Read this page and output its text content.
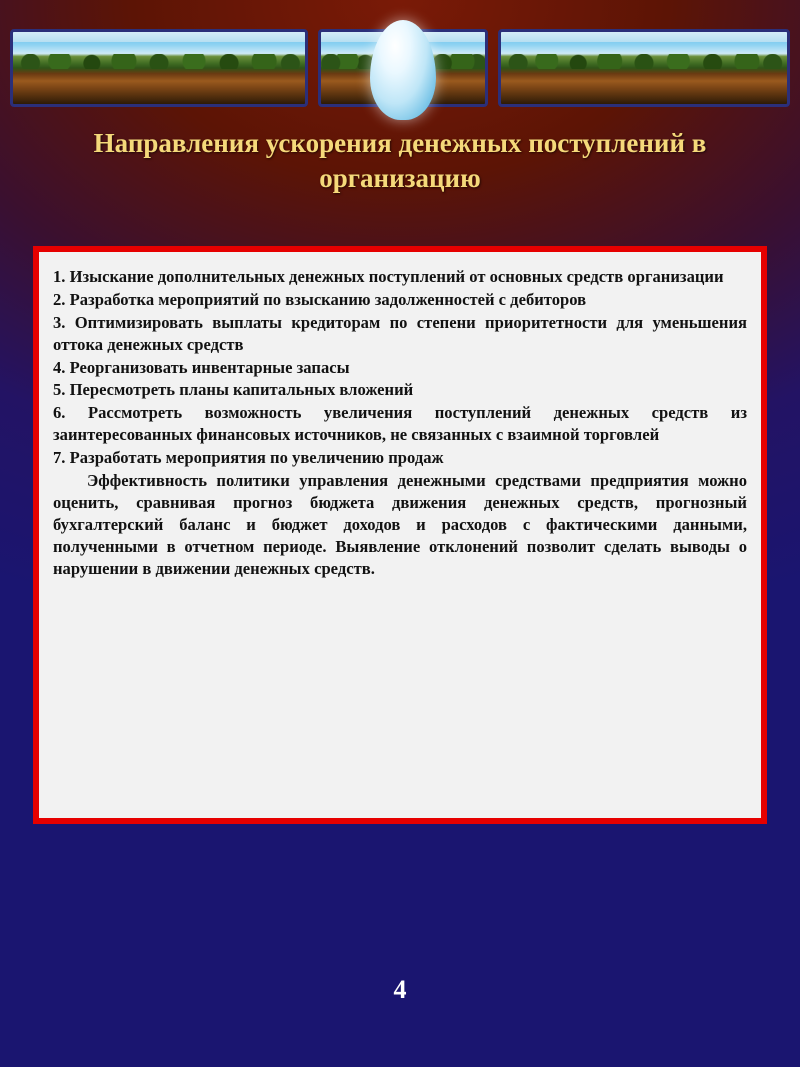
Направления ускорения денежных поступлений в организацию

1. Изыскание дополнительных денежных поступлений от основных средств организации

2. Разработка мероприятий по взысканию задолженностей с дебиторов

3. Оптимизировать выплаты кредиторам по степени приоритетности для уменьшения оттока денежных средств

4. Реорганизовать инвентарные запасы

5. Пересмотреть планы капитальных вложений

6. Рассмотреть возможность увеличения поступлений денежных средств из заинтересованных финансовых источников, не связанных с взаимной торговлей

7. Разработать мероприятия по увеличению продаж

Эффективность политики управления денежными средствами предприятия можно оценить, сравнивая прогноз бюджета движения денежных средств, прогнозный бухгалтерский баланс и бюджет доходов и расходов с фактическими данными, полученными в отчетном периоде. Выявление отклонений позволит сделать выводы о нарушении в движении денежных средств.

4
